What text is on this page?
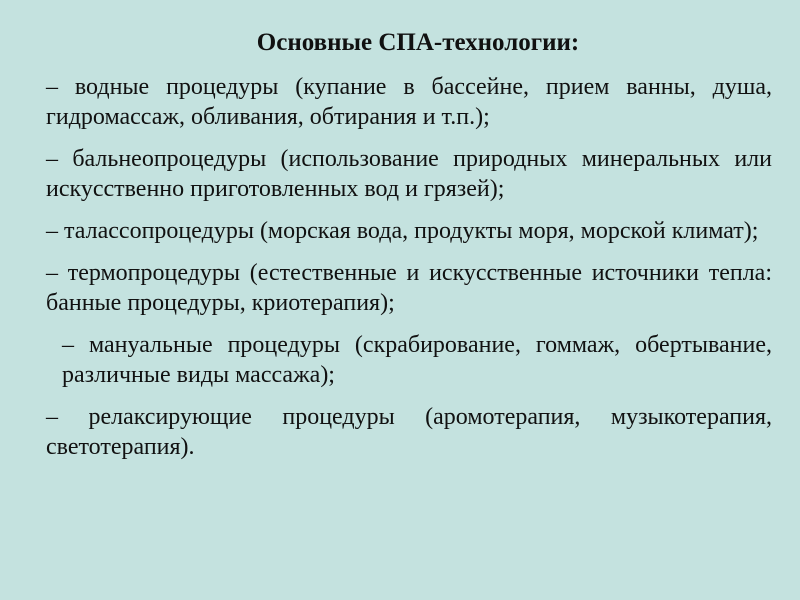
Основные СПА-технологии:
– водные процедуры (купание в бассейне, прием ванны, душа, гидромассаж, обливания, обтирания и т.п.);
– бальнеопроцедуры (использование природных минеральных или искусственно приготовленных вод и грязей);
– талассопроцедуры (морская вода, продукты моря, морской климат);
– термопроцедуры (естественные и искусственные источники тепла: банные процедуры, криотерапия);
– мануальные процедуры (скрабирование, гоммаж, обертывание, различные виды массажа);
– релаксирующие процедуры (аромотерапия, музыкотерапия, светотерапия).
